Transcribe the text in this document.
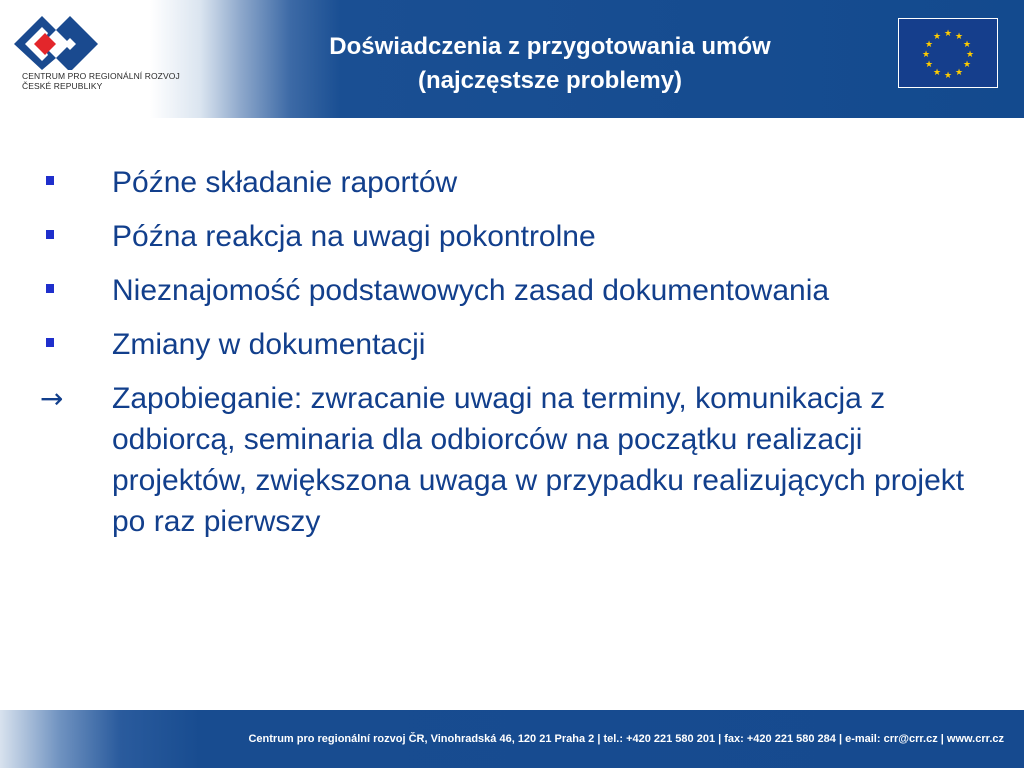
CENTRUM PRO REGIONÁLNÍ ROZVOJ
ČESKÉ REPUBLIKY
Doświadczenia z przygotowania umów
(najczęstsze problemy)
★ ★
★
★
★
★
★
★
★
★
★
★
Późne składanie raportów
Późna reakcja na uwagi pokontrolne
Nieznajomość podstawowych zasad dokumentowania
Zmiany w dokumentacji
→ Zapobieganie: zwracanie uwagi na terminy, komunikacja z odbiorcą, seminaria dla odbiorców na początku realizacji projektów, zwiększona uwaga w przypadku realizujących projekt po raz pierwszy
Centrum pro regionální rozvoj ČR, Vinohradská 46, 120 21 Praha 2 | tel.: +420 221 580 201 | fax: +420 221 580 284 | e-mail: crr@crr.cz | www.crr.cz
